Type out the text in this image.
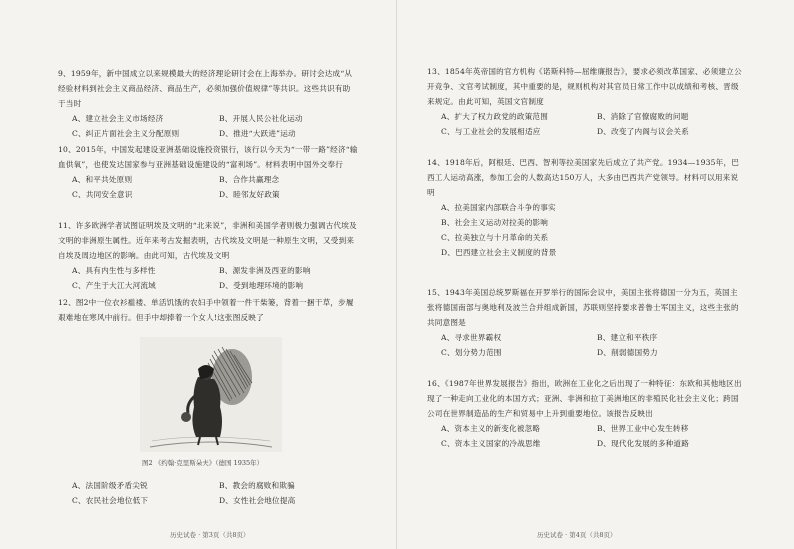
9、1959年，新中国成立以来规模最大的经济理论研讨会在上海举办。研讨会达成“从经验材料到社会主义商品经济、商品生产，必须加强价值规律”等共识。这些共识有助于当时

A、建立社会主义市场经济	B、开展人民公社化运动
C、纠正片面社会主义分配原则	D、推进“大跃进”运动

10、2015年，中国发起建设亚洲基础设施投资银行，该行以今天为“一带一路”经济“输血供氧”，也使发达国家参与亚洲基础设施建设的“富利场”。材料表明中国外交奉行

A、和平共处原则	B、合作共赢理念
C、共同安全意识	D、睦邻友好政策

11、许多欧洲学者试图证明埃及文明的“北来说”，非洲和美国学者则极力强调古代埃及文明的非洲原生属性。近年来考古发掘表明，古代埃及文明是一种原生文明，又受到来自埃及周边地区的影响。由此可知，古代埃及文明

A、具有内生性与多样性	B、源发非洲及西亚的影响
C、产生于大江大河流域	D、受到地理环境的影响

12、图2中一位衣衫褴褛、单活饥饿的农妇手中领着一件干柴篓，背着一捆干草，步履艰难地在寒风中前行。但手中却捧着一个女人!这张图反映了

图2 《约翰·克里斯朵夫》（德国 1935年）
A、法国阶级矛盾尖锐	B、教会的腐败和欺骗
C、农民社会地位低下	D、女性社会地位提高
历史试卷 · 第3页（共8页）

13、1854年英帝国的官方机构《诺斯科特—屈维廉报告》，要求必须改革国家、必须建立公开竞争、文官考试制度，其中重要的是，规则机构对其官员日常工作中以成绩和考核、晋级来规定。由此可知，英国文官制度

A、扩大了权力政党的政策范围	B、消除了官僚腐败的问题
C、与工业社会的发展相适应	D、改变了内阁与议会关系

14、1918年后，阿根廷、巴西、智利等拉美国家先后成立了共产党。1934—1935年，巴西工人运动高涨，参加工会的人数高达150万人，大多由巴西共产党领导。材料可以用来说明

A、拉美国家内部联合斗争的事实
B、社会主义运动对拉美的影响
C、拉美独立与十月革命的关系
D、巴西建立社会主义制度的背景

15、1943年美国总统罗斯福在开罗举行的国际会议中，美国主张将德国一分为五，英国主张将德国南部与奥地利及波兰合并组成新国，苏联则坚持要求普鲁士军国主义，这些主张的共同意图是

A、寻求世界霸权	B、建立和平秩序
C、划分势力范围	D、削弱德国势力

16、《1987年世界发展报告》指出，欧洲在工业化之后出现了一种特征：东欧和其他地区出现了一种走向工业化的本国方式；亚洲、非洲和拉丁美洲地区的非殖民化社会主义化；跨国公司在世界制造品的生产和贸易中上升到重要地位。该报告反映出

A、资本主义的新变化被忽略	B、世界工业中心发生转移
C、资本主义国家的冷战思维	D、现代化发展的多种道路
历史试卷 · 第4页（共8页）
